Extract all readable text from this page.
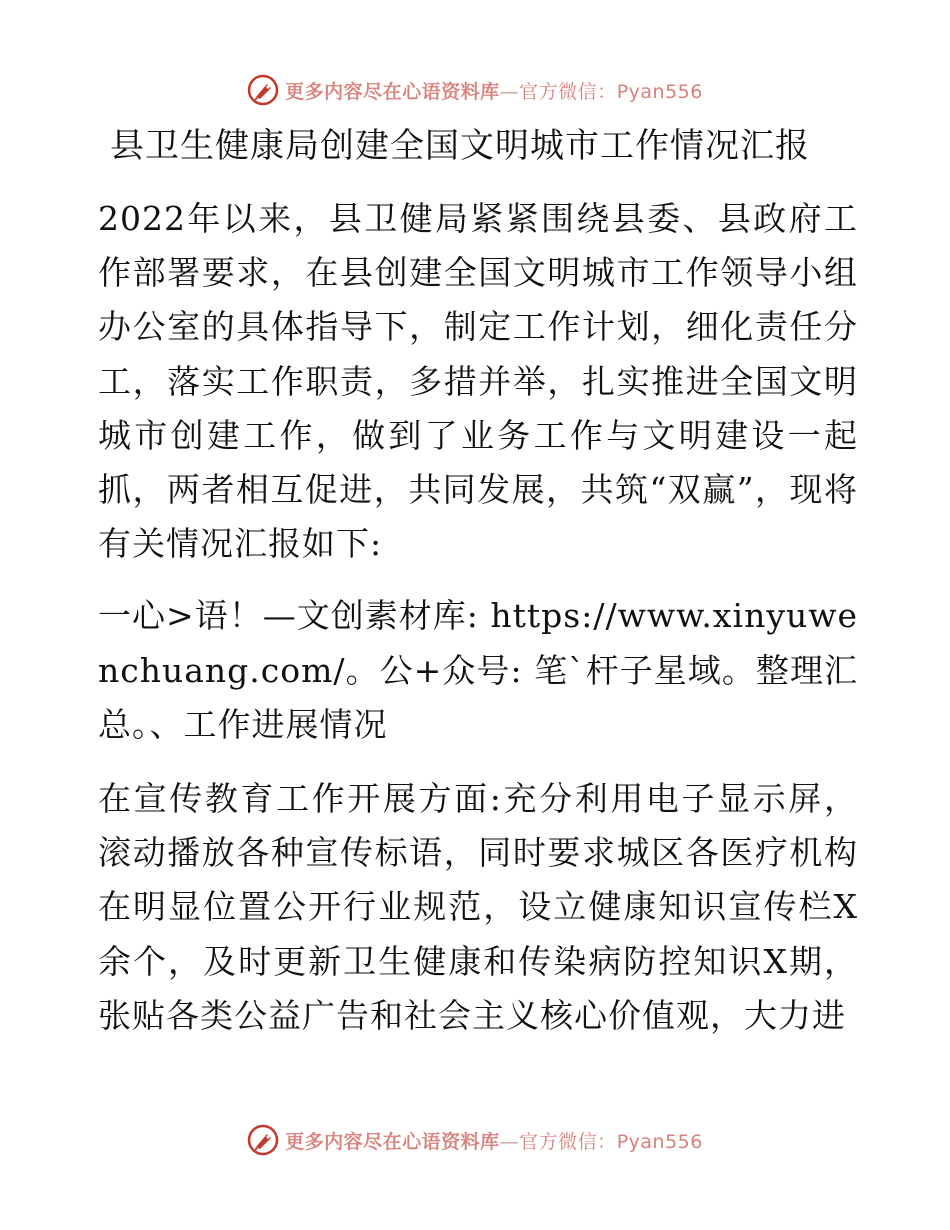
更多内容尽在心语资料库—官方微信：Pyan556
县卫生健康局创建全国文明城市工作情况汇报

2022年以来，县卫健局紧紧围绕县委、县政府工作部署要求，在县创建全国文明城市工作领导小组办公室的具体指导下，制定工作计划，细化责任分工，落实工作职责，多措并举，扎实推进全国文明城市创建工作，做到了业务工作与文明建设一起抓，两者相互促进，共同发展，共筑“双赢”，现将有关情况汇报如下:

一心>语！—文创素材库: https://www.xinyuwenchuang.com/。公+众号: 笔`杆子星域。整理汇总。、工作进展情况

在宣传教育工作开展方面:充分利用电子显示屏，滚动播放各种宣传标语，同时要求城区各医疗机构在明显位置公开行业规范，设立健康知识宣传栏X余个，及时更新卫生健康和传染病防控知识X期，张贴各类公益广告和社会主义核心价值观，大力进

更多内容尽在心语资料库—官方微信：Pyan556
